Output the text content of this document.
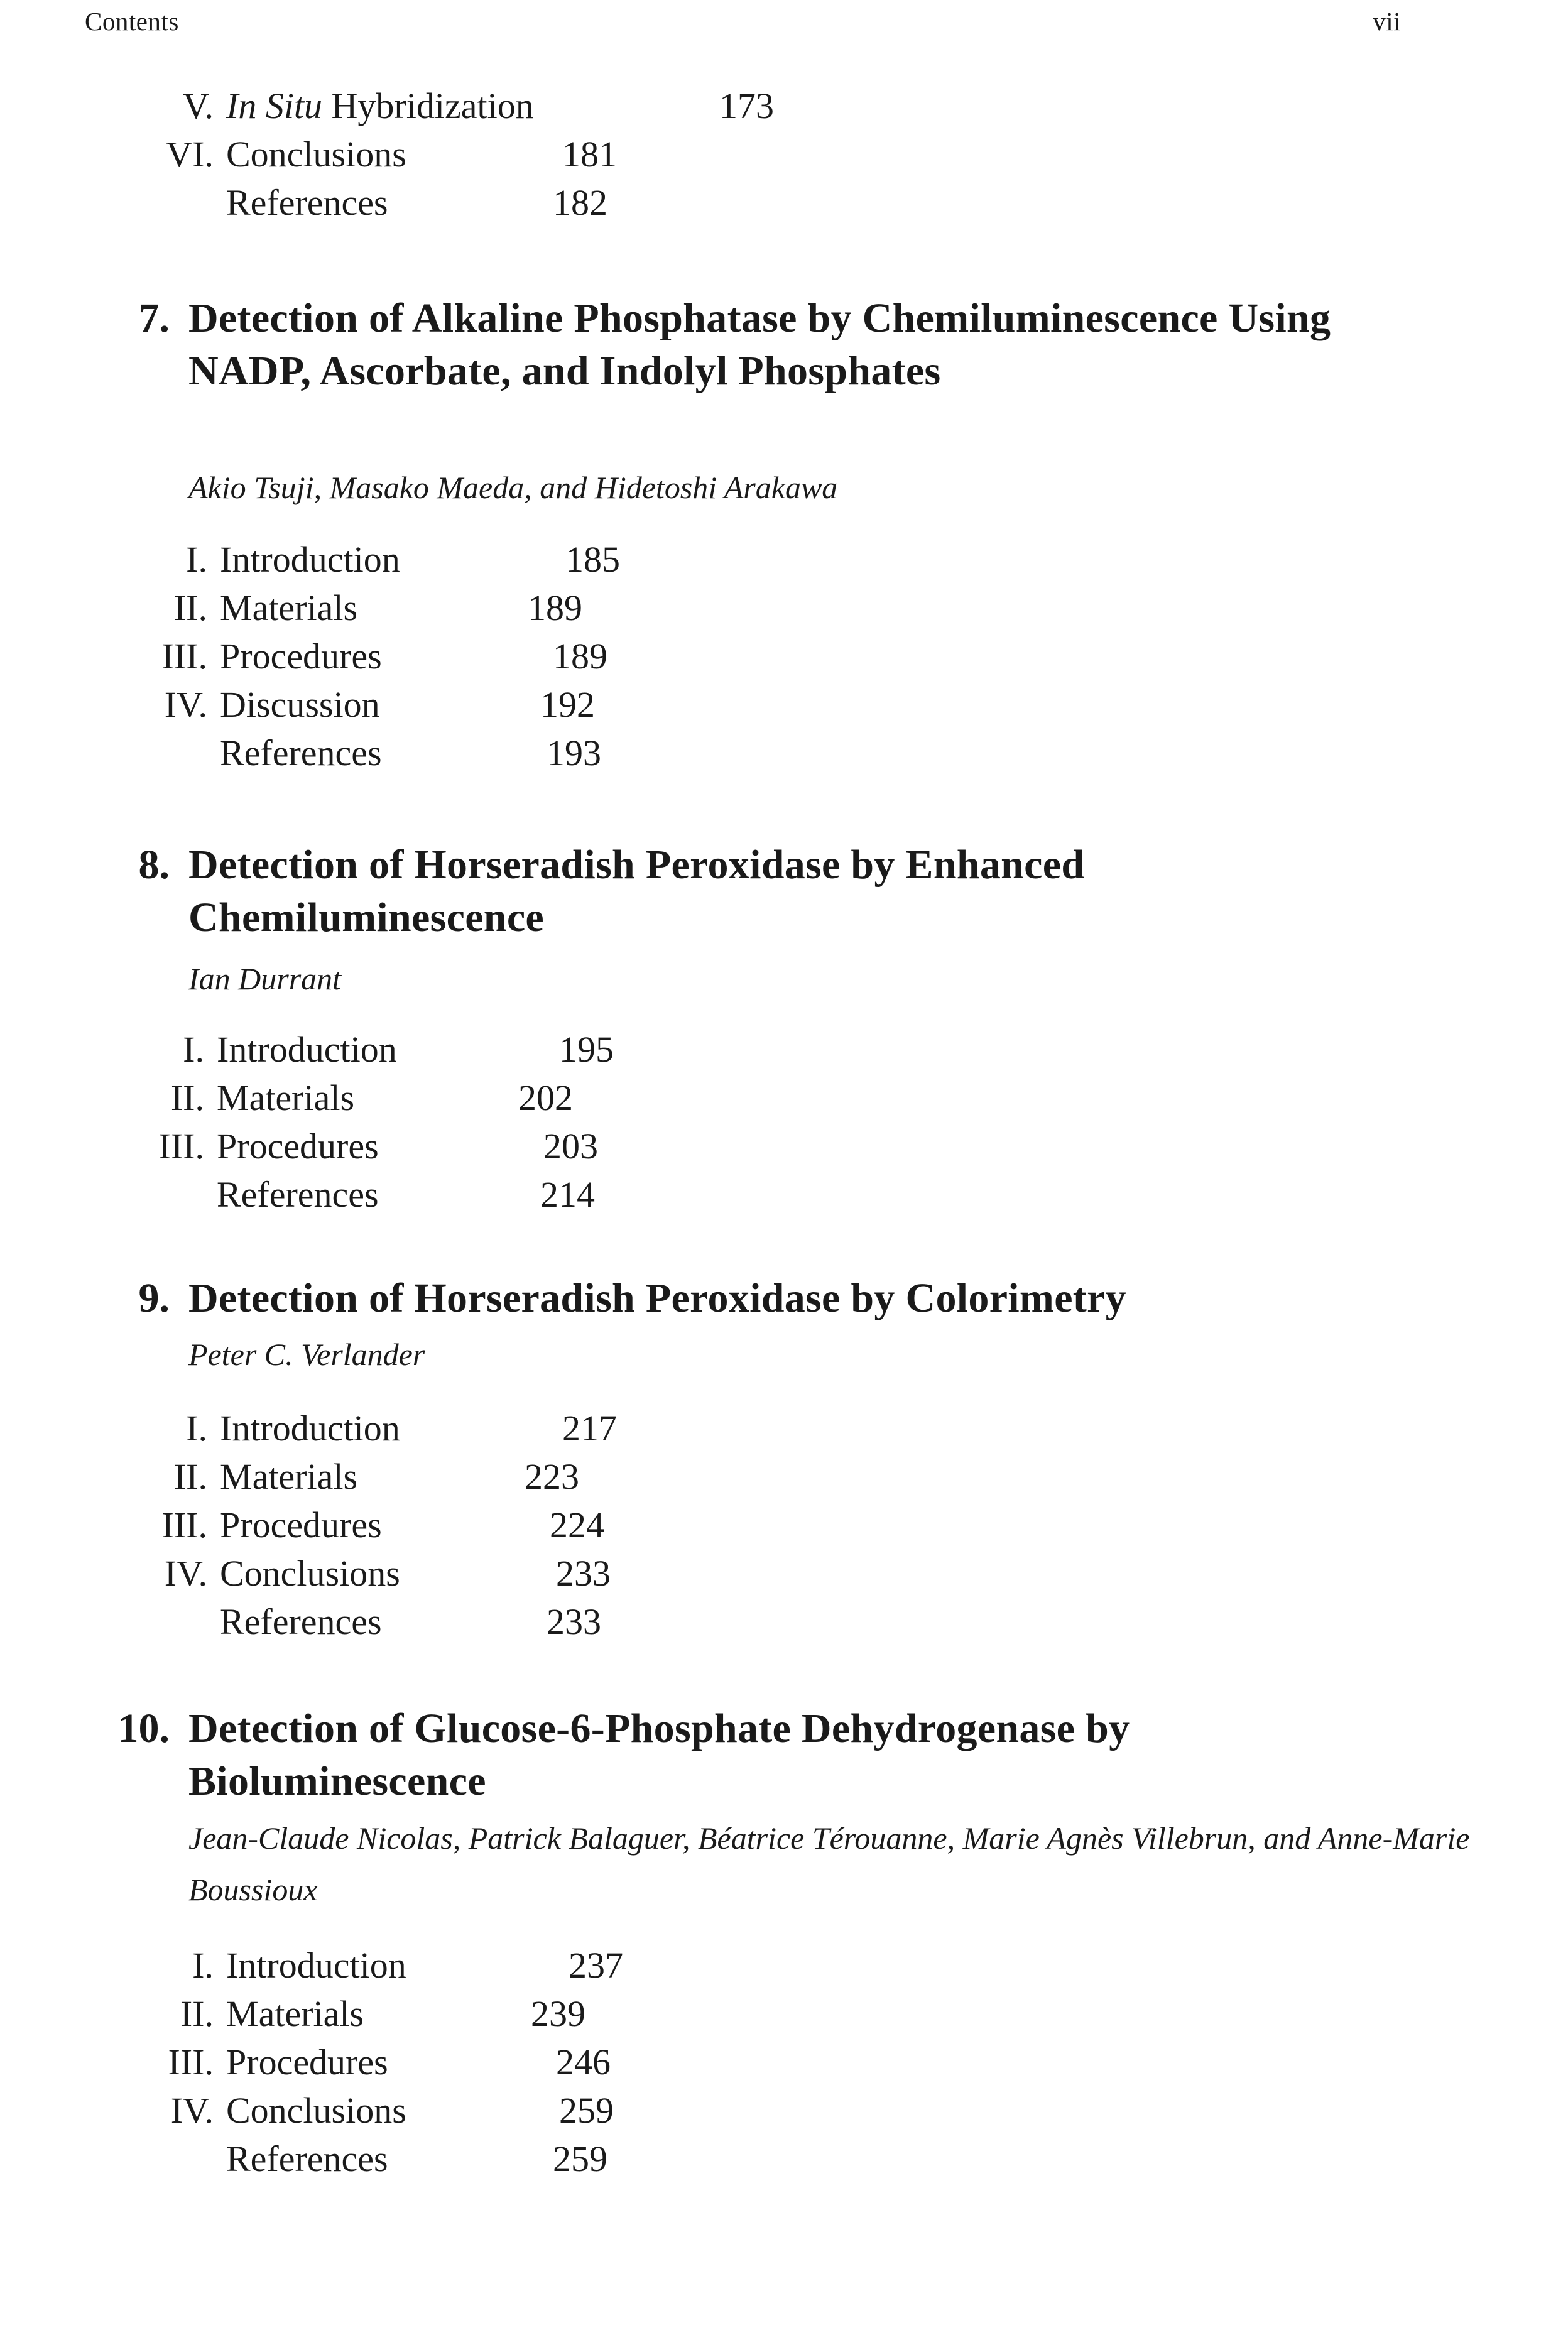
Contents	vii
V. In Situ Hybridization	173
VI. Conclusions	181
References	182
7. Detection of Alkaline Phosphatase by Chemiluminescence Using NADP, Ascorbate, and Indolyl Phosphates
Akio Tsuji, Masako Maeda, and Hidetoshi Arakawa
I. Introduction	185
II. Materials	189
III. Procedures	189
IV. Discussion	192
References	193
8. Detection of Horseradish Peroxidase by Enhanced Chemiluminescence
Ian Durrant
I. Introduction	195
II. Materials	202
III. Procedures	203
References	214
9. Detection of Horseradish Peroxidase by Colorimetry
Peter C. Verlander
I. Introduction	217
II. Materials	223
III. Procedures	224
IV. Conclusions	233
References	233
10. Detection of Glucose-6-Phosphate Dehydrogenase by Bioluminescence
Jean-Claude Nicolas, Patrick Balaguer, Béatrice Térouanne, Marie Agnès Villebrun, and Anne-Marie Boussioux
I. Introduction	237
II. Materials	239
III. Procedures	246
IV. Conclusions	259
References	259
